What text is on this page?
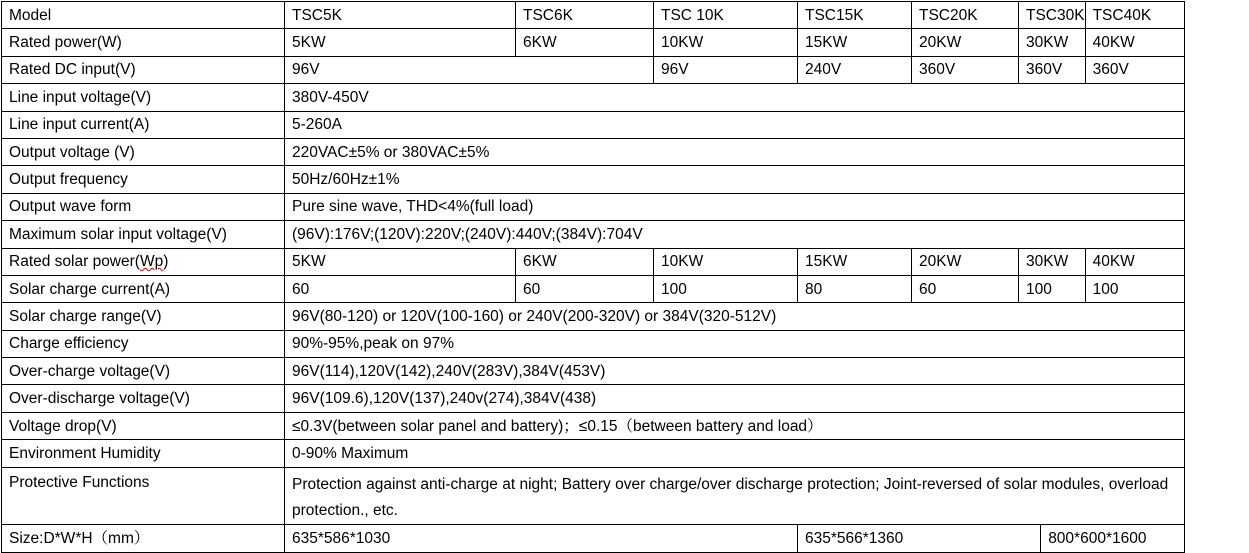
Model	TSC5K	TSC6K	TSC 10K	TSC15K	TSC20K	TSC30K		TSC40K
Rated power(W)	5KW	6KW	10KW	15KW	20KW	30KW		40KW
Rated DC input(V)	96V		96V	240V	360V	360V		360V
Line input voltage(V)	380V-450V							
Line input current(A)	5-260A							
Output voltage (V)	220VAC±5% or 380VAC±5%							
Output frequency	50Hz/60Hz±1%							
Output wave form	Pure sine wave, THD<4%(full load)							
Maximum solar input voltage(V)	(96V):176V;(120V):220V;(240V):440V;(384V):704V							
Rated solar power(Wp)	5KW	6KW	10KW	15KW	20KW	30KW		40KW
Solar charge current(A)	60	60	100	80	60	100		100
Solar charge range(V)	96V(80-120) or 120V(100-160) or 240V(200-320V) or 384V(320-512V)							
Charge efficiency	90%-95%,peak on 97%							
Over-charge voltage(V)	96V(114),120V(142),240V(283V),384V(453V)							
Over-discharge voltage(V)	96V(109.6),120V(137),240v(274),384V(438)							
Voltage drop(V)	≤0.3V(between solar panel and battery)；≤0.15（between battery and load）							
Environment Humidity	0-90% Maximum							
Protective Functions	Protection against anti-charge at night; Battery over charge/over discharge protection; Joint-reversed of solar modules, overload protection., etc.							
Size:D*W*H（mm）	635*586*1030			635*566*1360			800*600*1600	
